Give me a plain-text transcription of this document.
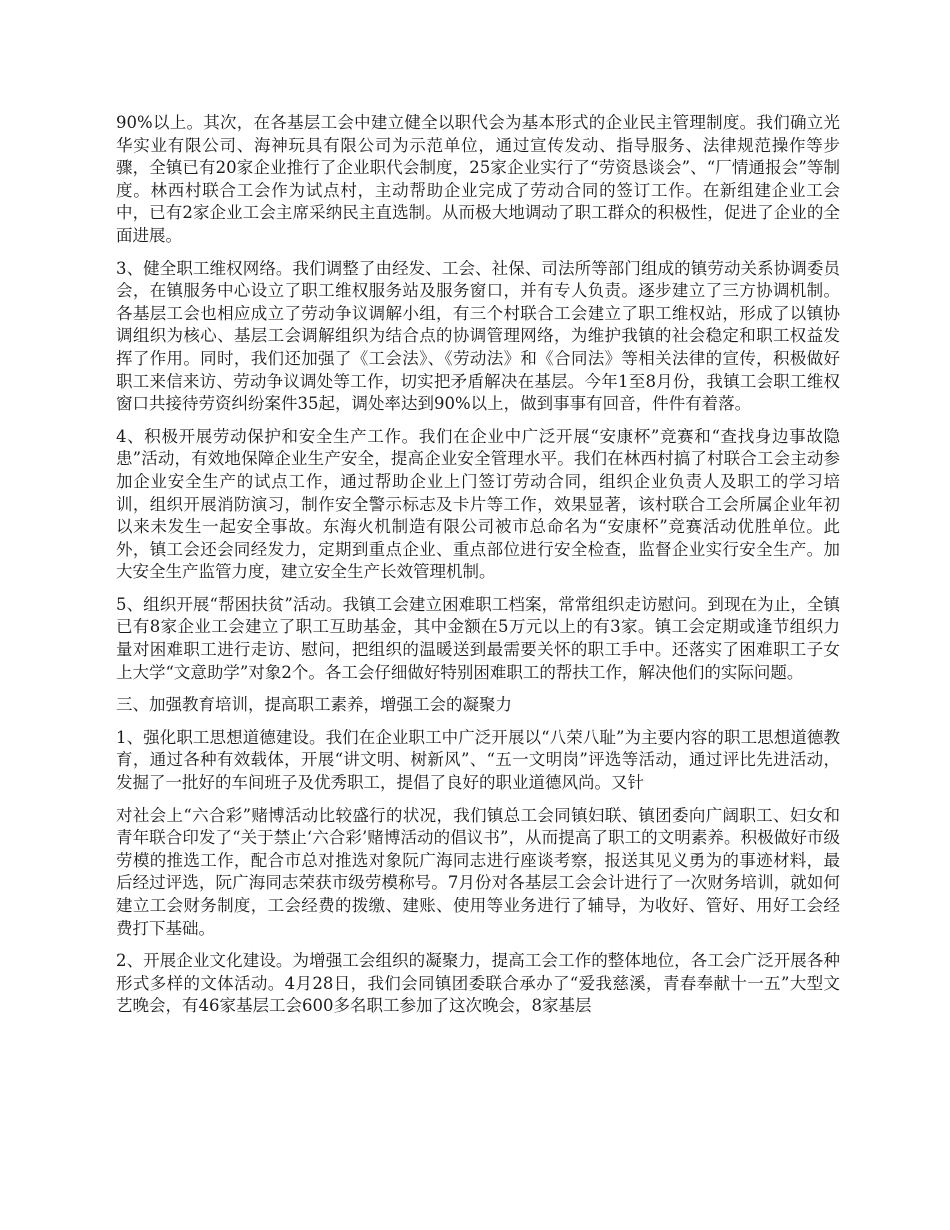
90%以上。其次，在各基层工会中建立健全以职代会为基本形式的企业民主管理制度。我们确立光华实业有限公司、海神玩具有限公司为示范单位，通过宣传发动、指导服务、法律规范操作等步骤，全镇已有20家企业推行了企业职代会制度，25家企业实行了“劳资恳谈会”、“厂情通报会”等制度。林西村联合工会作为试点村，主动帮助企业完成了劳动合同的签订工作。在新组建企业工会中，已有2家企业工会主席采纳民主直选制。从而极大地调动了职工群众的积极性，促进了企业的全面进展。

3、健全职工维权网络。我们调整了由经发、工会、社保、司法所等部门组成的镇劳动关系协调委员会，在镇服务中心设立了职工维权服务站及服务窗口，并有专人负责。逐步建立了三方协调机制。各基层工会也相应成立了劳动争议调解小组，有三个村联合工会建立了职工维权站，形成了以镇协调组织为核心、基层工会调解组织为结合点的协调管理网络，为维护我镇的社会稳定和职工权益发挥了作用。同时，我们还加强了《工会法》、《劳动法》和《合同法》等相关法律的宣传，积极做好职工来信来访、劳动争议调处等工作，切实把矛盾解决在基层。今年1至8月份，我镇工会职工维权窗口共接待劳资纠纷案件35起，调处率达到90%以上，做到事事有回音，件件有着落。

4、积极开展劳动保护和安全生产工作。我们在企业中广泛开展“安康杯”竞赛和“查找身边事故隐患”活动，有效地保障企业生产安全，提高企业安全管理水平。我们在林西村搞了村联合工会主动参加企业安全生产的试点工作，通过帮助企业上门签订劳动合同，组织企业负责人及职工的学习培训，组织开展消防演习，制作安全警示标志及卡片等工作，效果显著，该村联合工会所属企业年初以来未发生一起安全事故。东海火机制造有限公司被市总命名为“安康杯”竞赛活动优胜单位。此外，镇工会还会同经发力，定期到重点企业、重点部位进行安全检查，监督企业实行安全生产。加大安全生产监管力度，建立安全生产长效管理机制。

5、组织开展“帮困扶贫”活动。我镇工会建立困难职工档案，常常组织走访慰问。到现在为止，全镇已有8家企业工会建立了职工互助基金，其中金额在5万元以上的有3家。镇工会定期或逢节组织力量对困难职工进行走访、慰问，把组织的温暖送到最需要关怀的职工手中。还落实了困难职工子女上大学“文意助学”对象2个。各工会仔细做好特别困难职工的帮扶工作，解决他们的实际问题。

三、加强教育培训，提高职工素养，增强工会的凝聚力

1、强化职工思想道德建设。我们在企业职工中广泛开展以“八荣八耻”为主要内容的职工思想道德教育，通过各种有效载体，开展“讲文明、树新风”、“五一文明岗”评选等活动，通过评比先进活动，发掘了一批好的车间班子及优秀职工，提倡了良好的职业道德风尚。又针

对社会上“六合彩”赌博活动比较盛行的状况，我们镇总工会同镇妇联、镇团委向广阔职工、妇女和青年联合印发了“关于禁止‘六合彩’赌博活动的倡议书”，从而提高了职工的文明素养。积极做好市级劳模的推选工作，配合市总对推选对象阮广海同志进行座谈考察，报送其见义勇为的事迹材料，最后经过评选，阮广海同志荣获市级劳模称号。7月份对各基层工会会计进行了一次财务培训，就如何建立工会财务制度，工会经费的拨缴、建账、使用等业务进行了辅导，为收好、管好、用好工会经费打下基础。

2、开展企业文化建设。为增强工会组织的凝聚力，提高工会工作的整体地位，各工会广泛开展各种形式多样的文体活动。4月28日，我们会同镇团委联合承办了“爱我慈溪，青春奉献十一五”大型文艺晚会，有46家基层工会600多名职工参加了这次晚会，8家基层
